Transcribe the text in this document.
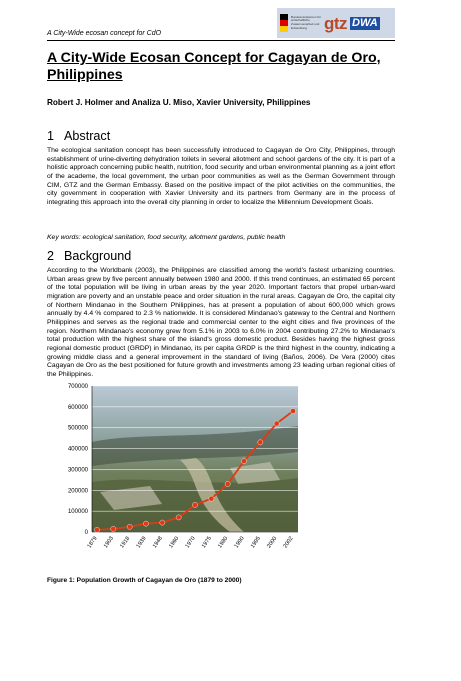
A City-Wide ecosan concept for CdO
Bundesministerium für wirtschaftliche Zusammenarbeit und Entwicklung gtz DWA
A City-Wide Ecosan Concept for Cagayan de Oro, Philippines
Robert J. Holmer and Analiza U. Miso, Xavier University, Philippines
1 Abstract

The ecological sanitation concept has been successfully introduced to Cagayan de Oro City, Philippines, through establishment of urine-diverting dehydration toilets in several allotment and school gardens of the city. It is part of a holistic approach concerning public health, nutrition, food security and urban environmental planning as a joint effort of the academe, the local government, the urban poor communities as well as the German Government through CIM, GTZ and the German Embassy. Based on the positive impact of the pilot activities on the communities, the city government in cooperation with Xavier University and its partners from Germany are in the process of integrating this approach into the overall city planning in order to localize the Millennium Development Goals.

Key words: ecological sanitation, food security, allotment gardens, public health
2 Background

According to the Worldbank (2003), the Philippines are classified among the world's fastest urbanizing countries. Urban areas grew by five percent annually between 1980 and 2000. If this trend continues, an estimated 65 percent of the total population will be living in urban areas by the year 2020. Important factors that propel urban-ward migration are poverty and an unstable peace and order situation in the rural areas. Cagayan de Oro, the capital city of Northern Mindanao in the Southern Philippines, has at present a population of about 600,000 which grows annually by 4.4 % compared to 2.3 % nationwide. It is considered Mindanao's gateway to the Central and Northern Philippines and serves as the regional trade and commercial center to the eight cities and five provinces of the region. Northern Mindanao's economy grew from 5.1% in 2003 to 6.0% in 2004 contributing 27.2% to Mindanao's total production with the highest share of the island's gross domestic product. Besides having the highest gross regional domestic product (GRDP) in Mindanao, its per capita GRDP is the third highest in the country, indicating a growing middle class and a general improvement in the standard of living (Baños, 2006). De Vera (2000) cites Cagayan de Oro as the best positioned for future growth and investments among 23 leading urban regional cities of the Philippines.

0
100000
200000
300000
400000
500000
600000
700000
1879 1903 1918 1939 1948 1960 1970 1975 1980 1990 1995 2000 2002
Figure 1: Population Growth of Cagayan de Oro (1879 to 2000)
